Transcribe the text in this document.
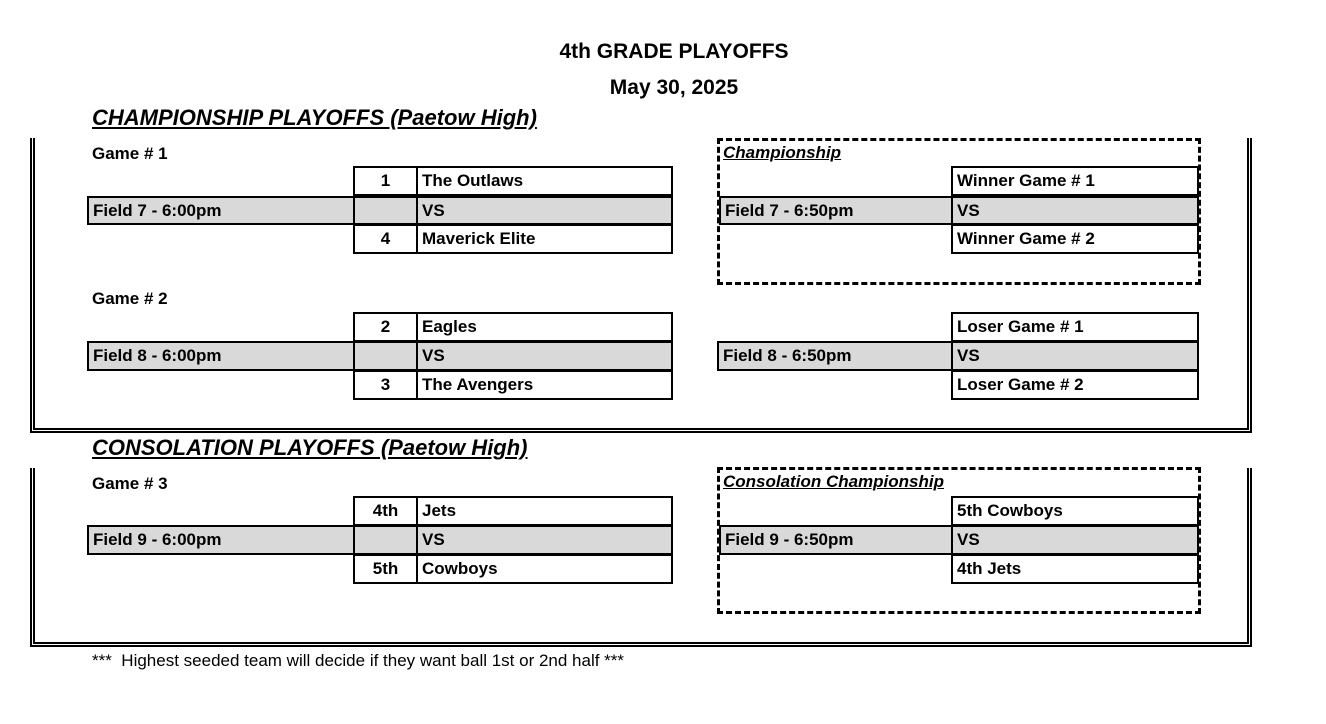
4th GRADE PLAYOFFS
May 30, 2025
CHAMPIONSHIP PLAYOFFS (Paetow High)
Game # 1
1	The Outlaws
Field 7 - 6:00pm	VS
4	Maverick Elite
Championship
Winner Game # 1
Field 7 - 6:50pm	VS
Winner Game # 2
Game # 2
2	Eagles
Field 8 - 6:00pm	VS
3	The Avengers
Loser Game # 1
Field 8 - 6:50pm	VS
Loser Game # 2
CONSOLATION PLAYOFFS (Paetow High)
Game # 3
4th	Jets
Field 9 - 6:00pm	VS
5th	Cowboys
Consolation Championship
5th Cowboys
Field 9 - 6:50pm	VS
4th Jets
***  Highest seeded team will decide if they want ball 1st or 2nd half ***
